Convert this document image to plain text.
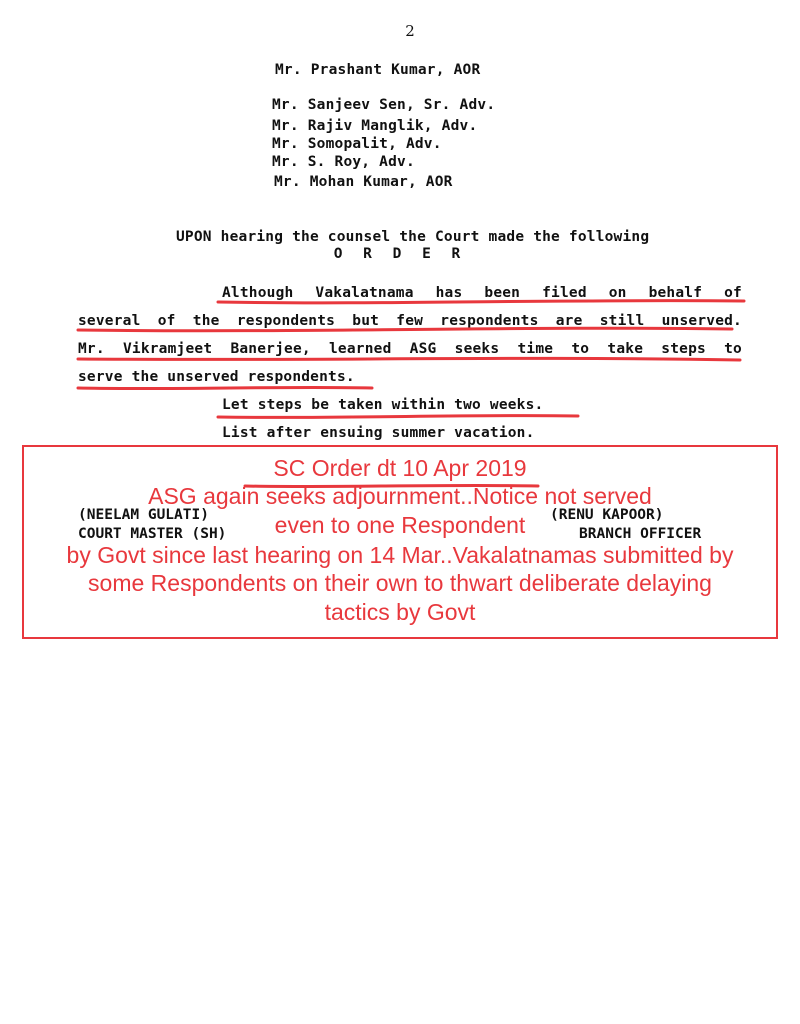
2
Mr. Prashant Kumar, AOR
Mr. Sanjeev Sen, Sr. Adv.
Mr. Rajiv Manglik, Adv.
Mr. Somopalit, Adv.
Mr. S. Roy, Adv.
Mr. Mohan Kumar, AOR
UPON hearing the counsel the Court made the following
O R D E R
Although Vakalatnama has been filed on behalf of
several of the respondents but few respondents are still unserved.
Mr. Vikramjeet Banerjee, learned ASG seeks time to take steps to
serve the unserved respondents.
Let steps be taken within two weeks.
List after ensuing summer vacation.
(NEELAM GULATI)
COURT MASTER (SH)
(RENU KAPOOR)
BRANCH OFFICER
SC Order dt 10 Apr 2019
ASG again seeks adjournment..Notice not served
even to one Respondent
by Govt since last hearing on 14 Mar..Vakalatnamas submitted by
some Respondents on their own to thwart deliberate delaying
tactics by Govt
